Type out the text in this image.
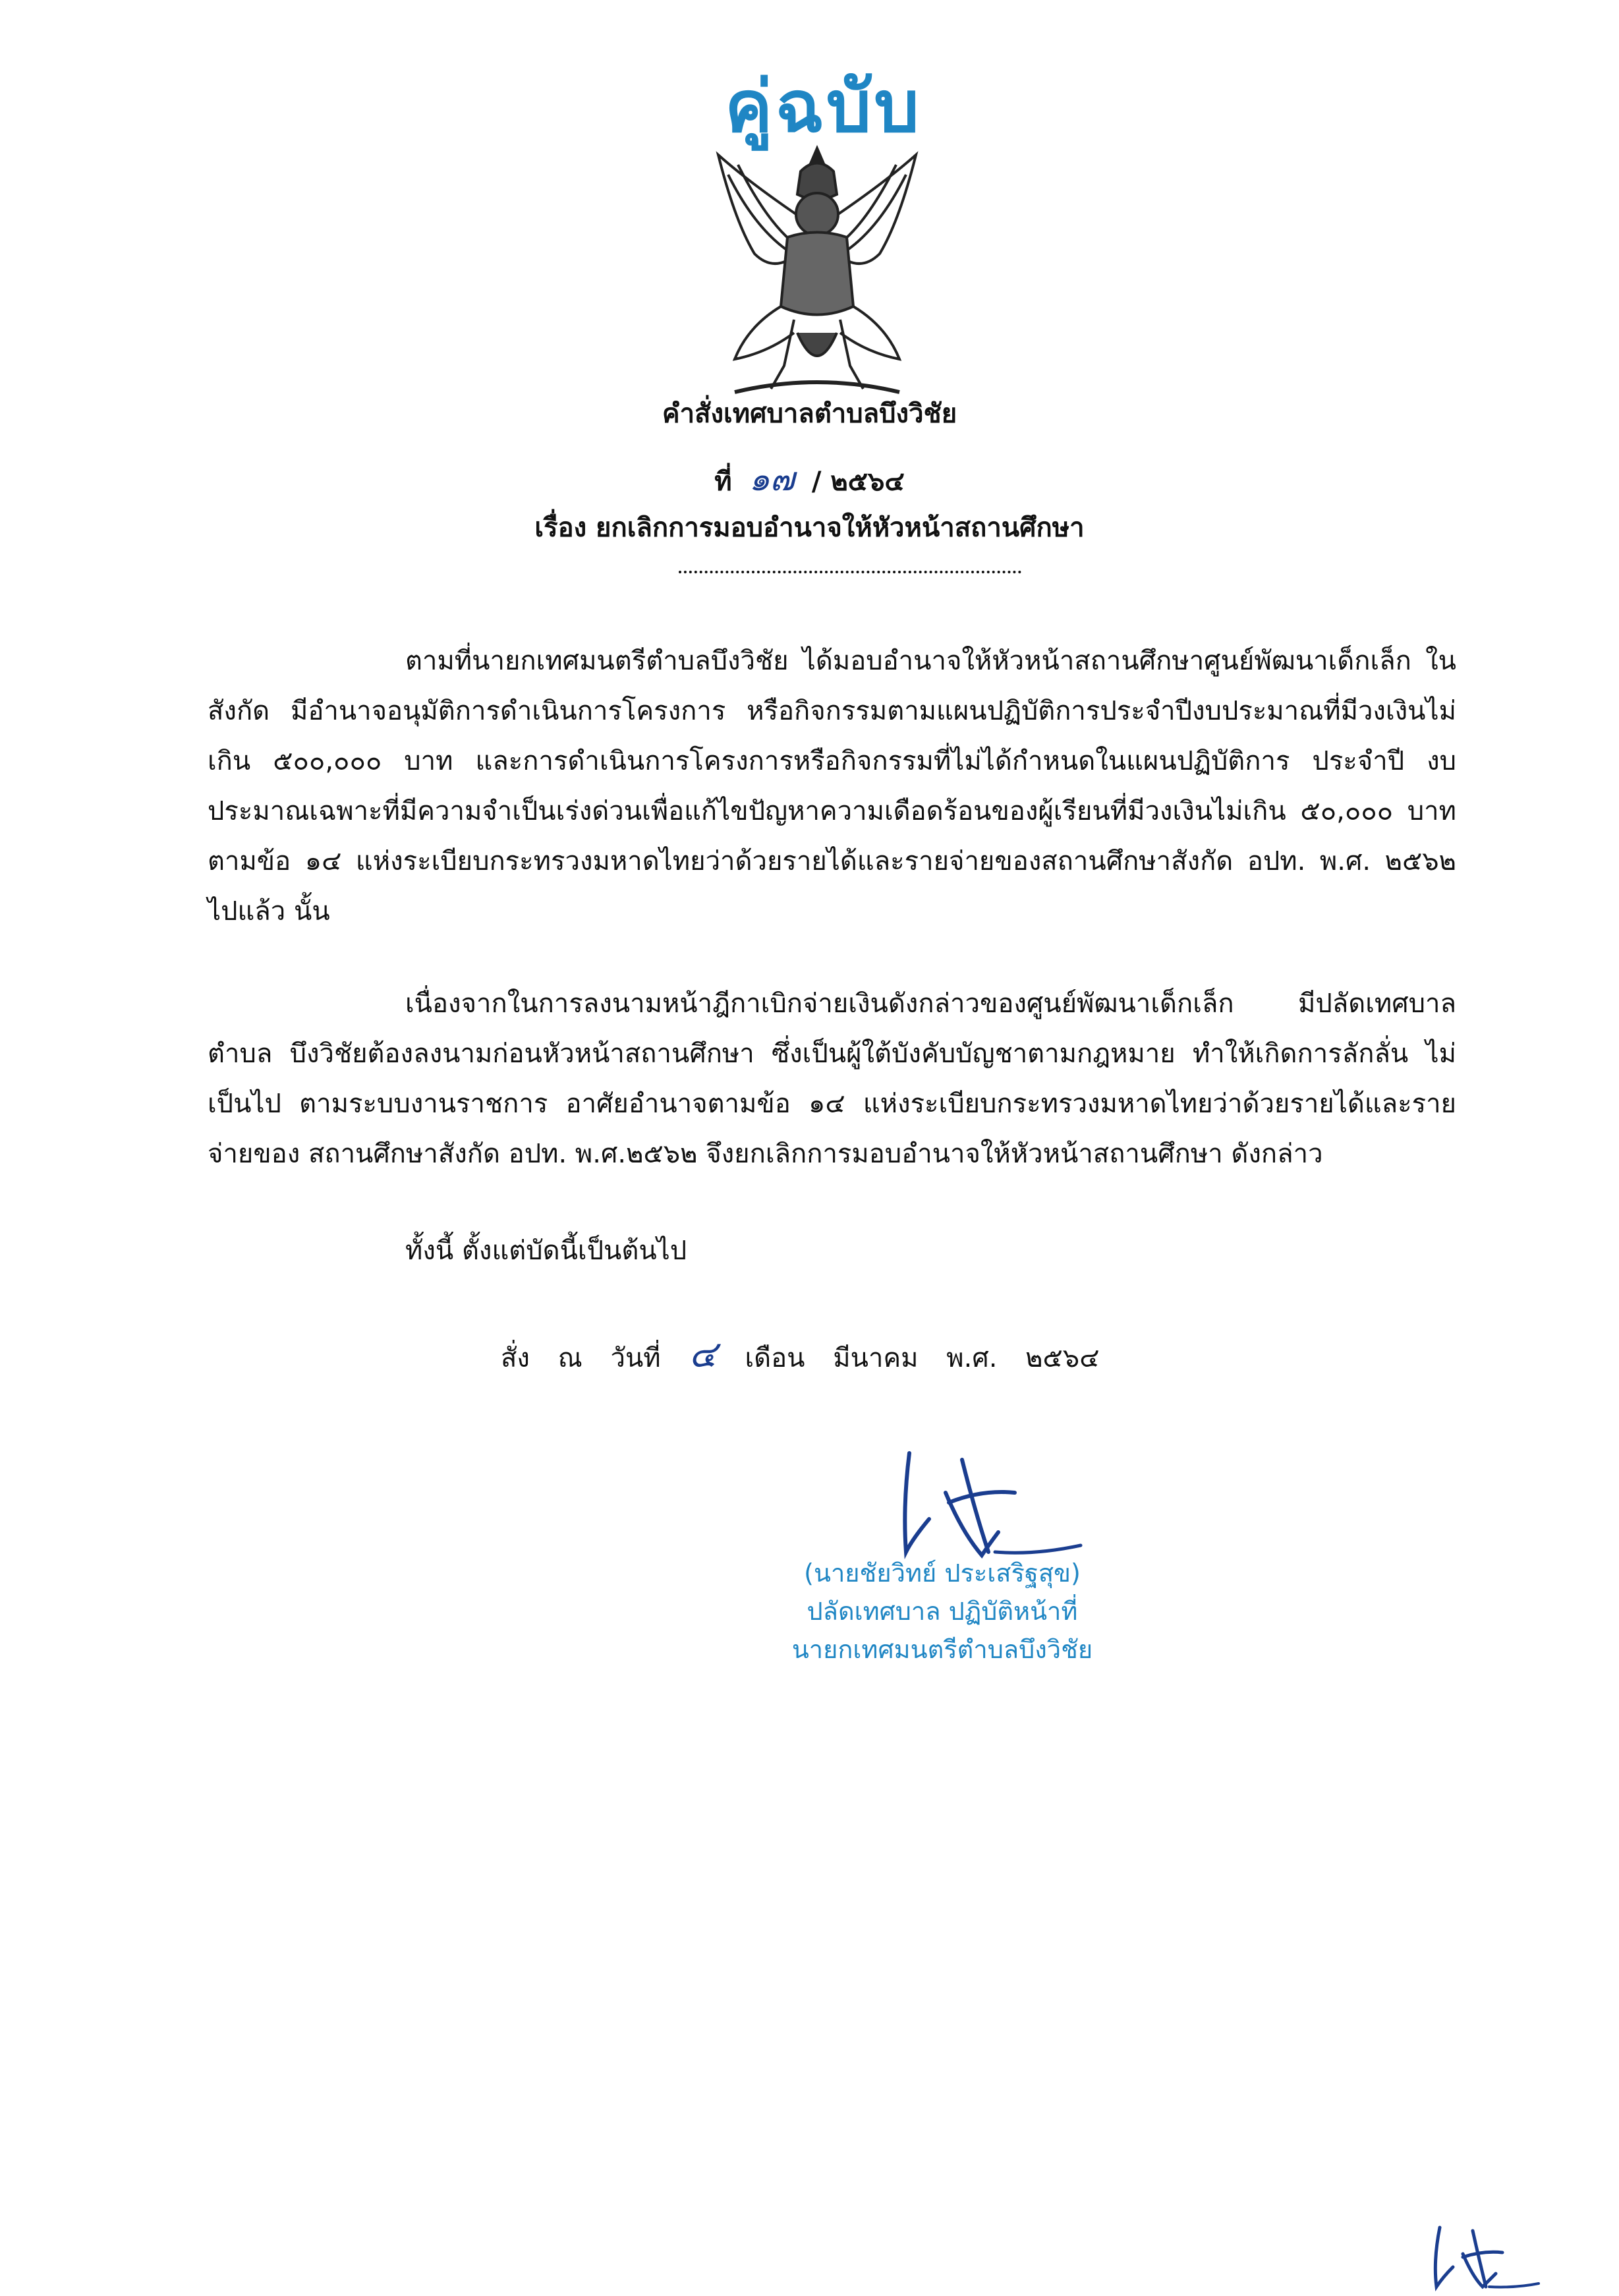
คู่ฉบับ
คำสั่งเทศบาลตำบลบึงวิชัย
ที่ ๑๗ / ๒๕๖๔
เรื่อง ยกเลิกการมอบอำนาจให้หัวหน้าสถานศึกษา
ตามที่นายกเทศมนตรีตำบลบึงวิชัย ได้มอบอำนาจให้หัวหน้าสถานศึกษาศูนย์พัฒนาเด็กเล็ก ในสังกัด มีอำนาจอนุมัติการดำเนินการโครงการ หรือกิจกรรมตามแผนปฏิบัติการประจำปีงบประมาณที่มีวงเงินไม่เกิน ๕๐๐,๐๐๐ บาท และการดำเนินการโครงการหรือกิจกรรมที่ไม่ได้กำหนดในแผนปฏิบัติการ ประจำปี งบประมาณเฉพาะที่มีความจำเป็นเร่งด่วนเพื่อแก้ไขปัญหาความเดือดร้อนของผู้เรียนที่มีวงเงินไม่เกิน ๕๐,๐๐๐ บาท ตามข้อ ๑๔ แห่งระเบียบกระทรวงมหาดไทยว่าด้วยรายได้และรายจ่ายของสถานศึกษาสังกัด อปท. พ.ศ. ๒๕๖๒ ไปแล้ว นั้น
เนื่องจากในการลงนามหน้าฎีกาเบิกจ่ายเงินดังกล่าวของศูนย์พัฒนาเด็กเล็ก มีปลัดเทศบาลตำบล บึงวิชัยต้องลงนามก่อนหัวหน้าสถานศึกษา ซึ่งเป็นผู้ใต้บังคับบัญชาตามกฎหมาย ทำให้เกิดการลักลั่น ไม่เป็นไป ตามระบบงานราชการ อาศัยอำนาจตามข้อ ๑๔ แห่งระเบียบกระทรวงมหาดไทยว่าด้วยรายได้และรายจ่ายของ สถานศึกษาสังกัด อปท. พ.ศ.๒๕๖๒ จึงยกเลิกการมอบอำนาจให้หัวหน้าสถานศึกษา ดังกล่าว
ทั้งนี้ ตั้งแต่บัดนี้เป็นต้นไป
สั่ง ณ วันที่ ๔ เดือน มีนาคม พ.ศ. ๒๕๖๔
(นายชัยวิทย์ ประเสริฐสุข)
ปลัดเทศบาล ปฏิบัติหน้าที่
นายกเทศมนตรีตำบลบึงวิชัย
